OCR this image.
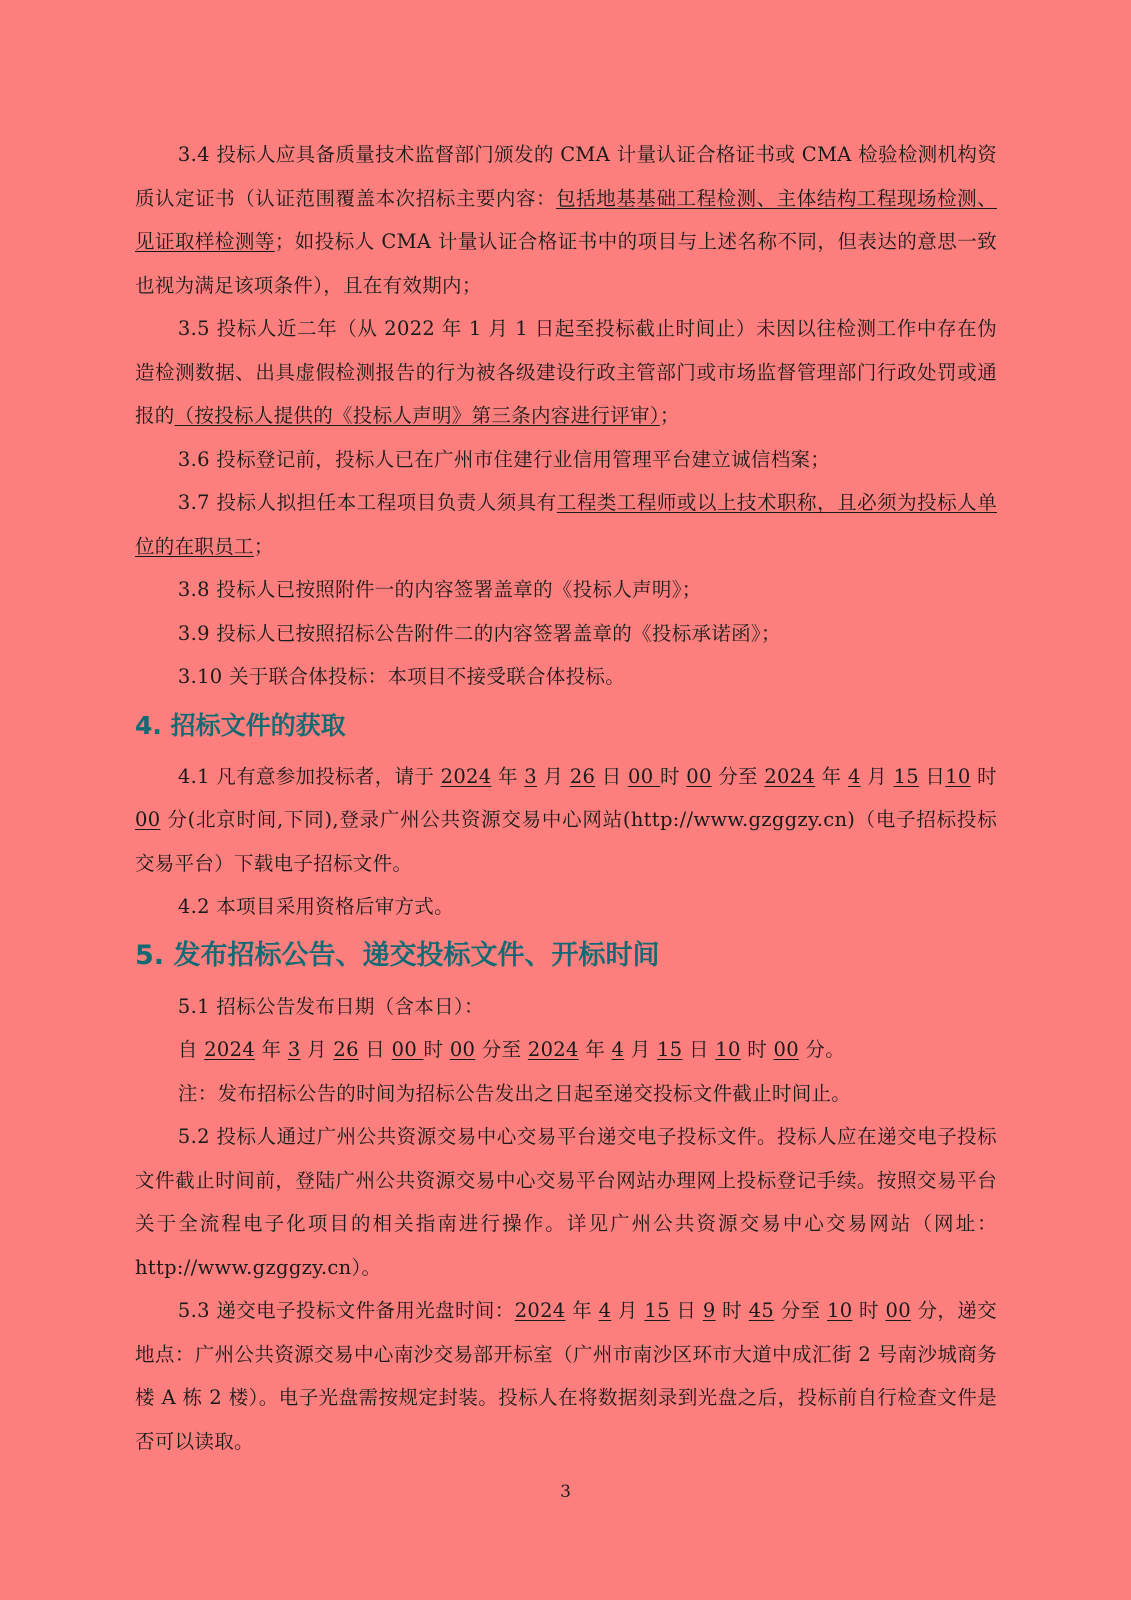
3.4 投标人应具备质量技术监督部门颁发的 CMA 计量认证合格证书或 CMA 检验检测机构资质认定证书（认证范围覆盖本次招标主要内容：包括地基基础工程检测、主体结构工程现场检测、见证取样检测等；如投标人 CMA 计量认证合格证书中的项目与上述名称不同，但表达的意思一致也视为满足该项条件），且在有效期内；

3.5 投标人近二年（从 2022 年 1 月 1 日起至投标截止时间止）未因以往检测工作中存在伪造检测数据、出具虚假检测报告的行为被各级建设行政主管部门或市场监督管理部门行政处罚或通报的（按投标人提供的《投标人声明》第三条内容进行评审）；

3.6 投标登记前，投标人已在广州市住建行业信用管理平台建立诚信档案；

3.7 投标人拟担任本工程项目负责人须具有工程类工程师或以上技术职称，且必须为投标人单位的在职员工；

3.8 投标人已按照附件一的内容签署盖章的《投标人声明》；

3.9 投标人已按照招标公告附件二的内容签署盖章的《投标承诺函》；

3.10 关于联合体投标：本项目不接受联合体投标。

4. 招标文件的获取

4.1 凡有意参加投标者，请于 2024 年 3 月 26 日 00 时 00 分至 2024 年 4 月 15 日10 时 00 分(北京时间,下同),登录广州公共资源交易中心网站(http://www.gzggzy.cn)（电子招标投标交易平台）下载电子招标文件。

4.2 本项目采用资格后审方式。

5. 发布招标公告、递交投标文件、开标时间

5.1 招标公告发布日期（含本日）：

自 2024 年 3 月 26 日 00 时 00 分至 2024 年 4 月 15 日 10 时 00 分。

注：发布招标公告的时间为招标公告发出之日起至递交投标文件截止时间止。

5.2 投标人通过广州公共资源交易中心交易平台递交电子投标文件。投标人应在递交电子投标文件截止时间前，登陆广州公共资源交易中心交易平台网站办理网上投标登记手续。按照交易平台关于全流程电子化项目的相关指南进行操作。详见广州公共资源交易中心交易网站（网址：http://www.gzggzy.cn）。

5.3 递交电子投标文件备用光盘时间：2024 年 4 月 15 日 9 时 45 分至 10 时 00 分，递交地点：广州公共资源交易中心南沙交易部开标室（广州市南沙区环市大道中成汇街 2 号南沙城商务楼 A 栋 2 楼）。电子光盘需按规定封装。投标人在将数据刻录到光盘之后，投标前自行检查文件是否可以读取。

3
